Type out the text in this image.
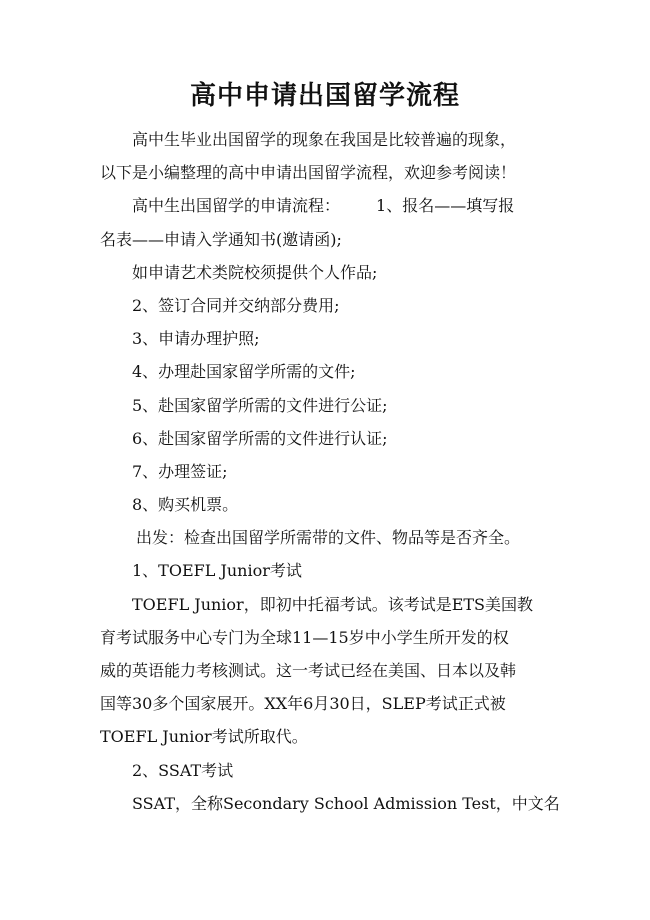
高中申请出国留学流程
高中生毕业出国留学的现象在我国是比较普遍的现象，
以下是小编整理的高中申请出国留学流程，欢迎参考阅读！
高中生出国留学的申请流程： 1、报名——填写报
名表——申请入学通知书(邀请函);
如申请艺术类院校须提供个人作品;
2、签订合同并交纳部分费用;
3、申请办理护照;
4、办理赴国家留学所需的文件;
5、赴国家留学所需的文件进行公证;
6、赴国家留学所需的文件进行认证;
7、办理签证;
8、购买机票。
出发：检查出国留学所需带的文件、物品等是否齐全。
1、TOEFL Junior考试
TOEFL Junior，即初中托福考试。该考试是ETS美国教
育考试服务中心专门为全球11—15岁中小学生所开发的权
威的英语能力考核测试。这一考试已经在美国、日本以及韩
国等30多个国家展开。XX年6月30日，SLEP考试正式被
TOEFL Junior考试所取代。
2、SSAT考试
SSAT，全称Secondary School Admission Test，中文名
